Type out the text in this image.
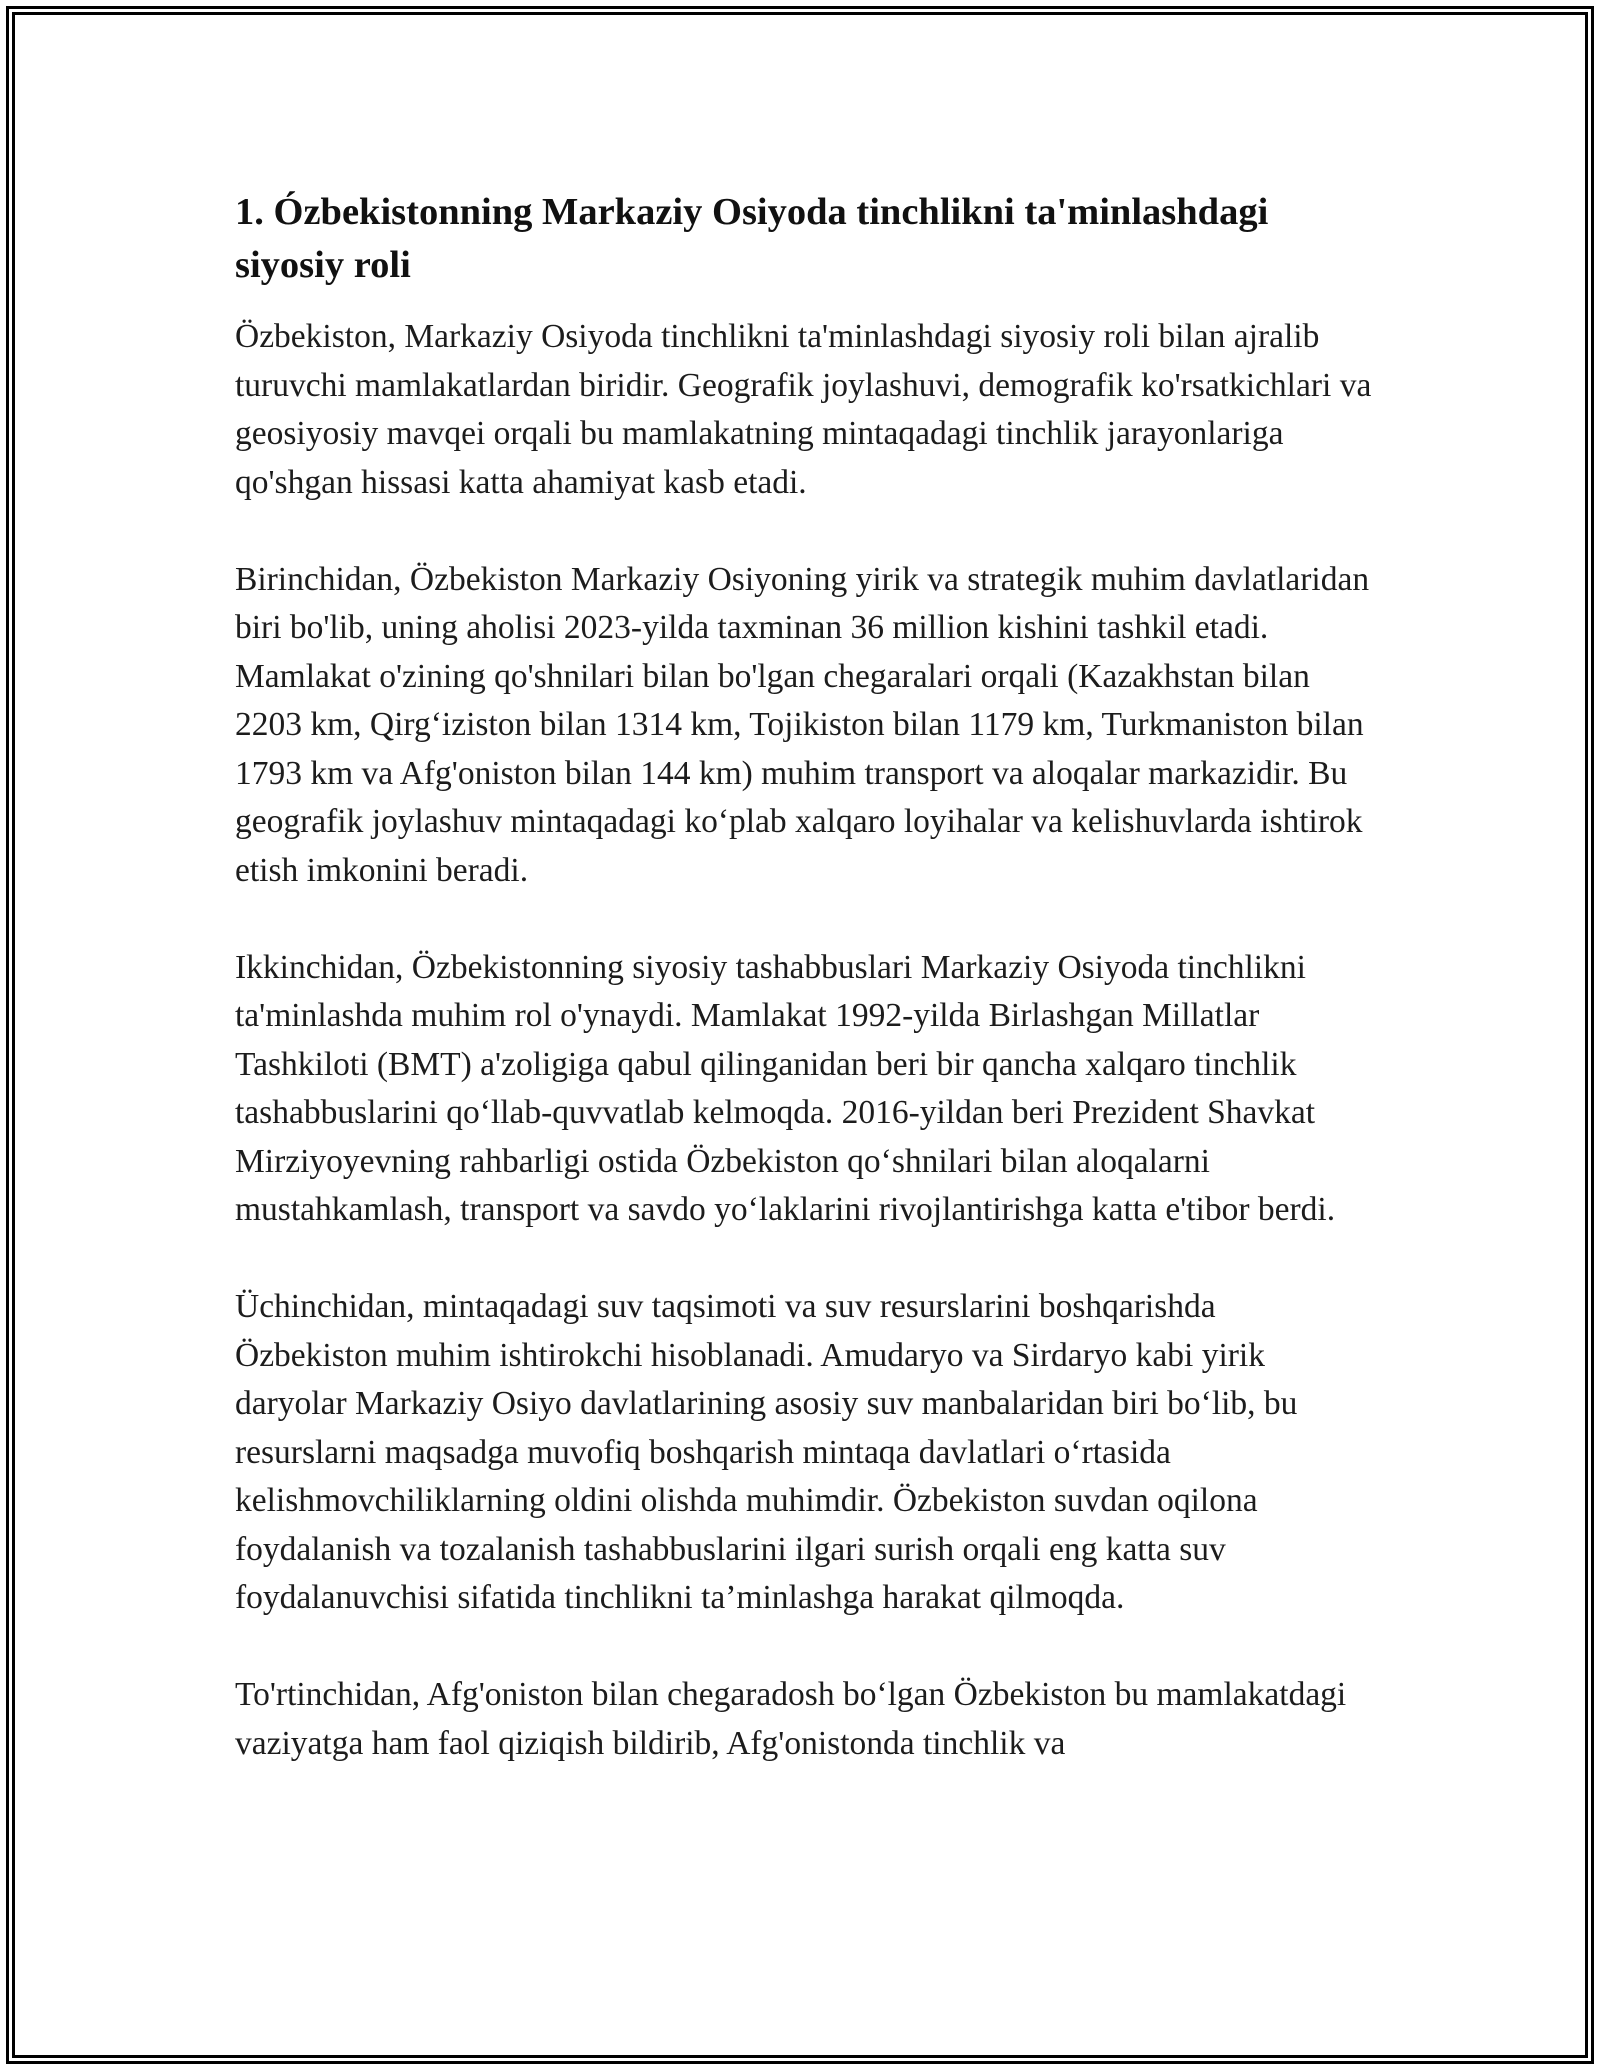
1. Ózbekistonning Markaziy Osiyoda tinchlikni ta'minlashdagi
siyosiy roli

Özbekiston, Markaziy Osiyoda tinchlikni ta'minlashdagi siyosiy roli bilan ajralib turuvchi mamlakatlardan biridir. Geografik joylashuvi, demografik ko'rsatkichlari va geosiyosiy mavqei orqali bu mamlakatning mintaqadagi tinchlik jarayonlariga qo'shgan hissasi katta ahamiyat kasb etadi.

Birinchidan, Özbekiston Markaziy Osiyoning yirik va strategik muhim davlatlaridan biri bo'lib, uning aholisi 2023-yilda taxminan 36 million kishini tashkil etadi. Mamlakat o'zining qo'shnilari bilan bo'lgan chegaralari orqali (Kazakhstan bilan 2203 km, Qirg‘iziston bilan 1314 km, Tojikiston bilan 1179 km, Turkmaniston bilan 1793 km va Afg'oniston bilan 144 km) muhim transport va aloqalar markazidir. Bu geografik joylashuv mintaqadagi ko‘plab xalqaro loyihalar va kelishuvlarda ishtirok etish imkonini beradi.

Ikkinchidan, Özbekistonning siyosiy tashabbuslari Markaziy Osiyoda tinchlikni ta'minlashda muhim rol o'ynaydi. Mamlakat 1992-yilda Birlashgan Millatlar Tashkiloti (BMT) a'zoligiga qabul qilinganidan beri bir qancha xalqaro tinchlik tashabbuslarini qo‘llab-quvvatlab kelmoqda. 2016-yildan beri Prezident Shavkat Mirziyoyevning rahbarligi ostida Özbekiston qo‘shnilari bilan aloqalarni mustahkamlash, transport va savdo yo‘laklarini rivojlantirishga katta e'tibor berdi.

Üchinchidan, mintaqadagi suv taqsimoti va suv resurslarini boshqarishda Özbekiston muhim ishtirokchi hisoblanadi. Amudaryo va Sirdaryo kabi yirik daryolar Markaziy Osiyo davlatlarining asosiy suv manbalaridan biri bo‘lib, bu resurslarni maqsadga muvofiq boshqarish mintaqa davlatlari o‘rtasida kelishmovchiliklarning oldini olishda muhimdir. Özbekiston suvdan oqilona foydalanish va tozalanish tashabbuslarini ilgari surish orqali eng katta suv foydalanuvchisi sifatida tinchlikni ta’minlashga harakat qilmoqda.

To'rtinchidan, Afg'oniston bilan chegaradosh bo‘lgan Özbekiston bu mamlakatdagi vaziyatga ham faol qiziqish bildirib, Afg'onistonda tinchlik va
